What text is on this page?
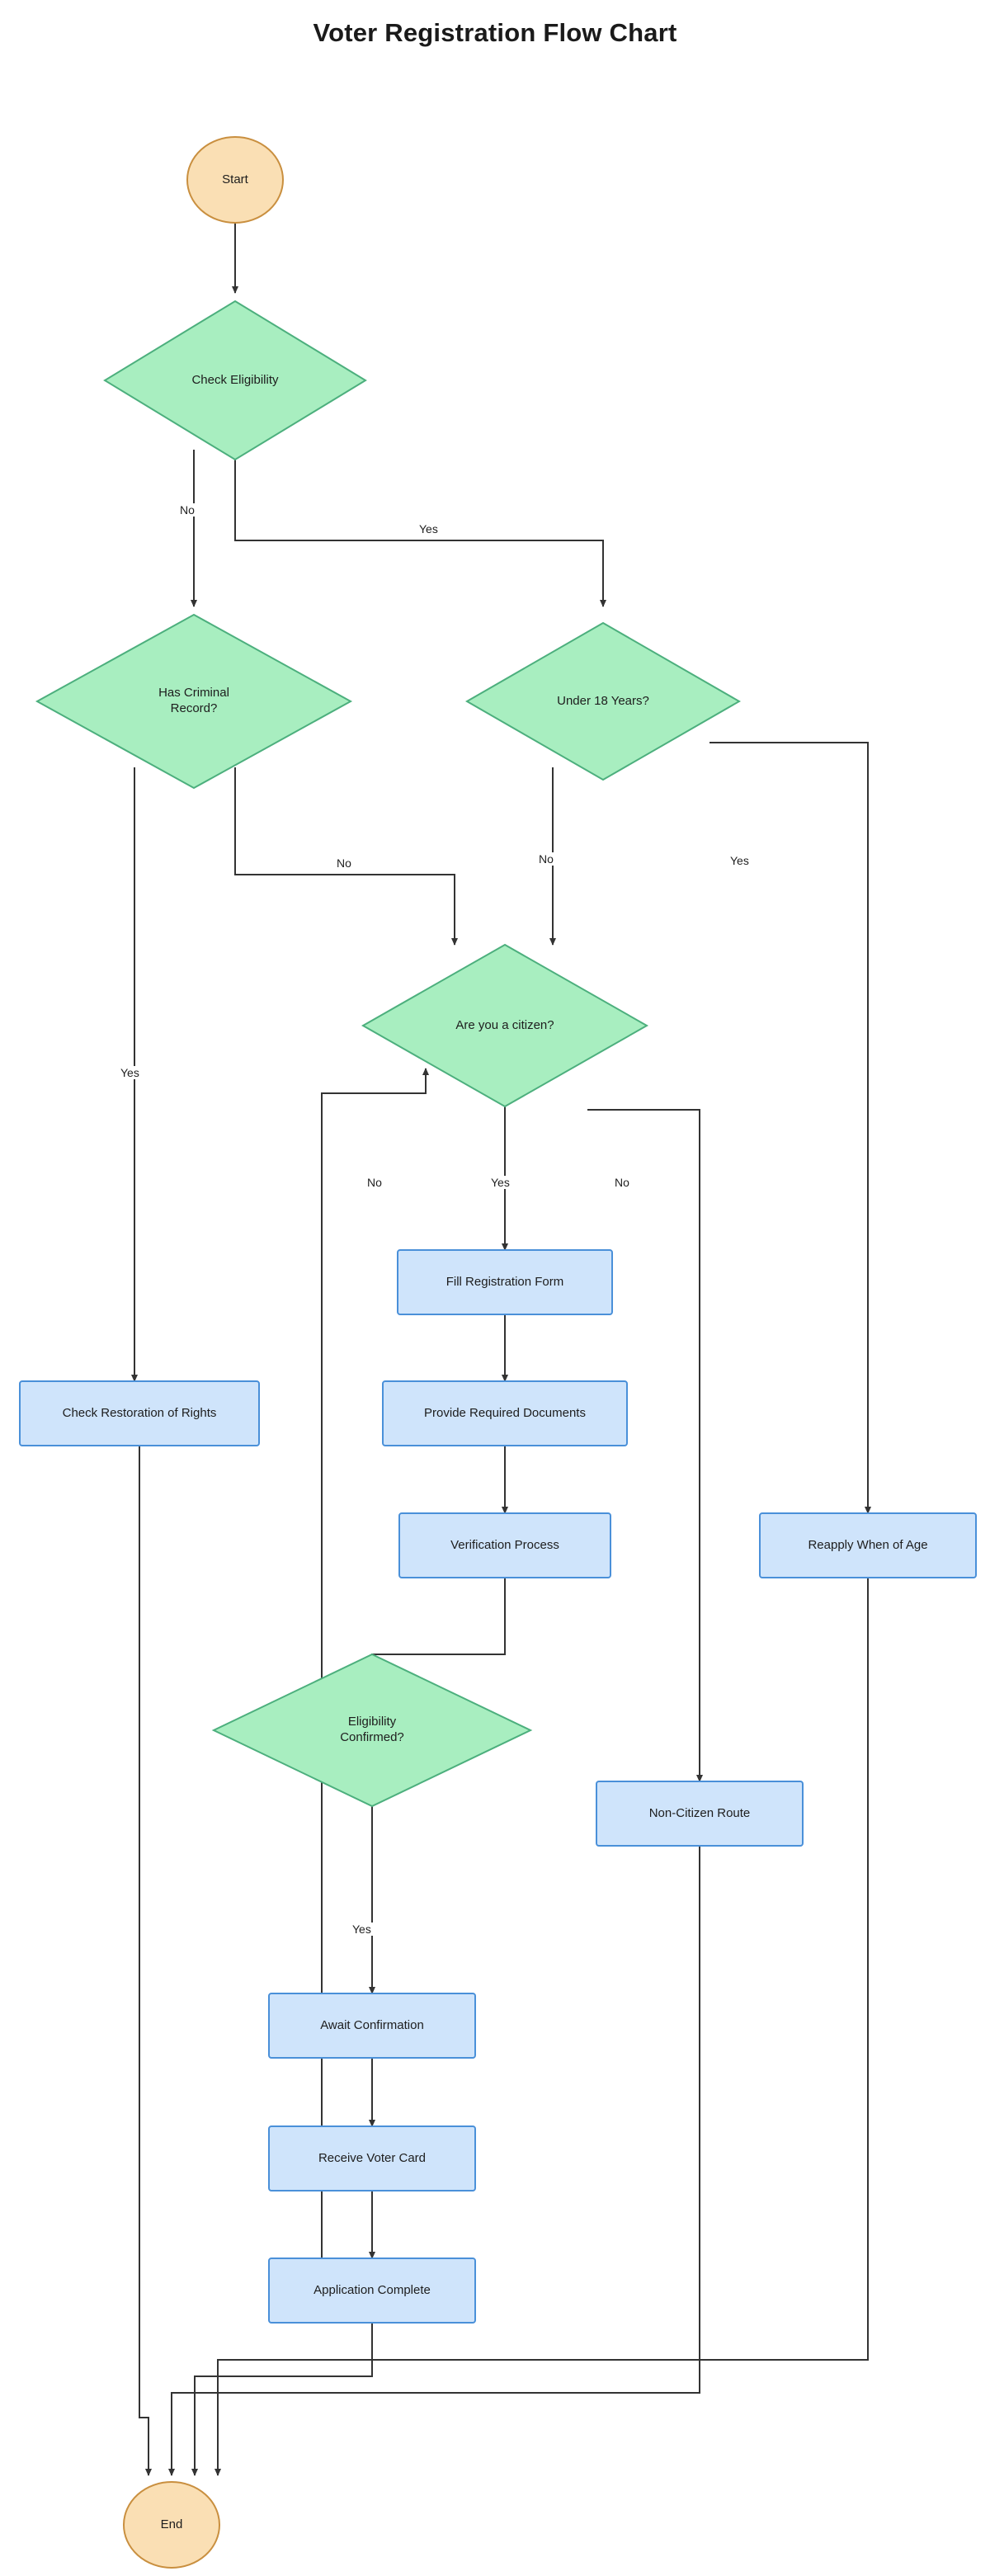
Voter Registration Flow Chart
Start
Check Eligibility
Has Criminal
Record?
Under 18 Years?
Are you a citizen?
Check Restoration of Rights
Fill Registration Form
Provide Required Documents
Verification Process	Reapply When of Age
Eligibility
Confirmed?
Non-Citizen Route
Await Confirmation
Receive Voter Card
Application Complete
End
No
Yes
No	No	Yes
Yes
No	Yes	No
Yes
